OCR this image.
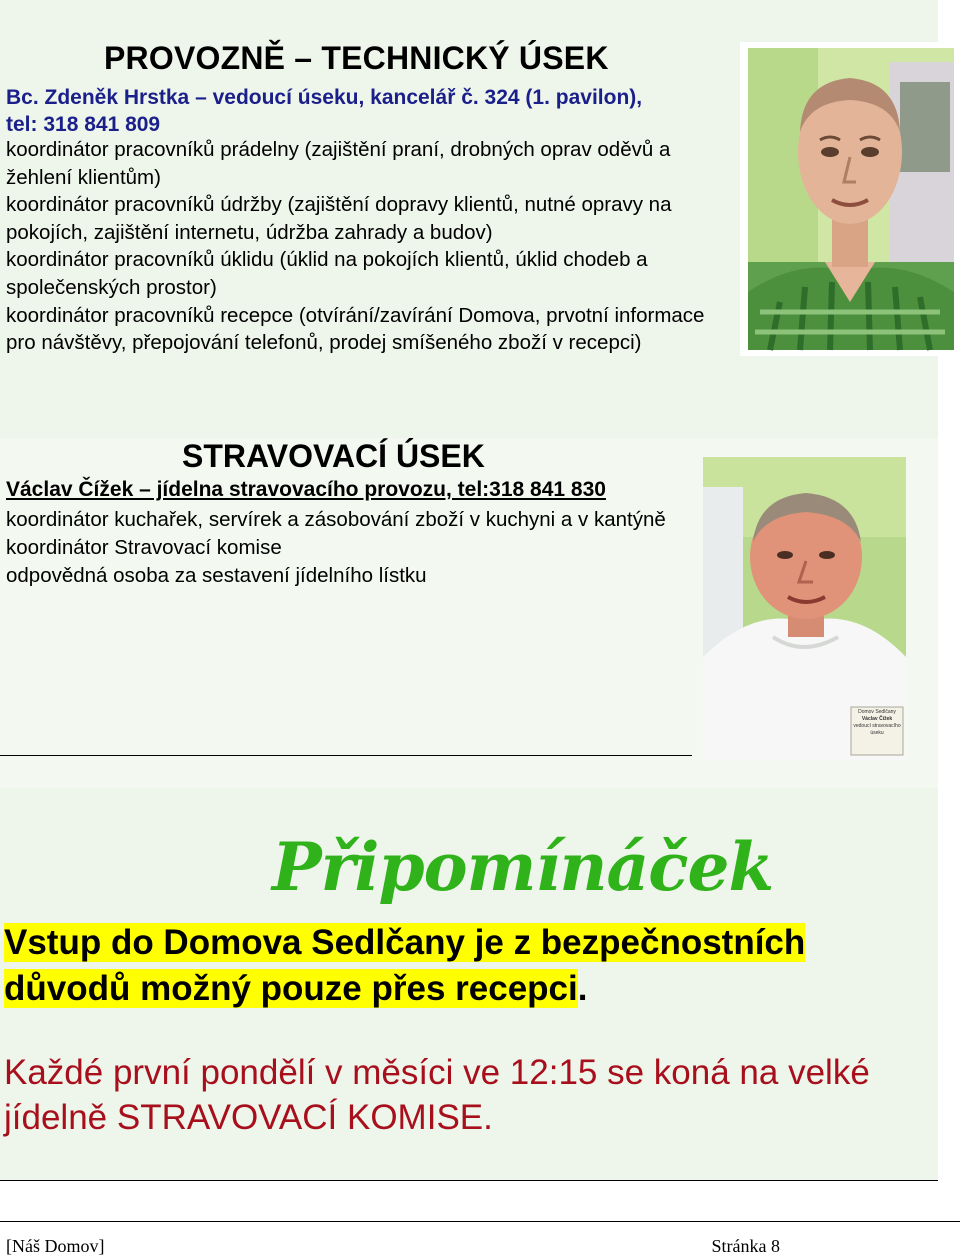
PROVOZNĚ – TECHNICKÝ ÚSEK
Bc. Zdeněk Hrstka – vedoucí úseku, kancelář č. 324 (1. pavilon),
tel: 318 841 809

koordinátor pracovníků prádelny (zajištění praní, drobných oprav oděvů a žehlení klientům)

koordinátor pracovníků údržby (zajištění dopravy klientů, nutné opravy na pokojích, zajištění internetu, údržba zahrady a budov)

koordinátor pracovníků úklidu (úklid na pokojích klientů, úklid chodeb a společenských prostor)

koordinátor pracovníků recepce (otvírání/zavírání Domova, prvotní informace pro návštěvy, přepojování telefonů, prodej smíšeného zboží v recepci)

STRAVOVACÍ ÚSEK
Václav Čížek – jídelna stravovacího provozu, tel:318 841 830

koordinátor kuchařek, servírek a zásobování zboží v kuchyni a v kantýně

koordinátor Stravovací komise

odpovědná osoba za sestavení jídelního lístku

Domov Sedlčany
Václav Čížek
vedoucí stravovacího
úseku
Připomínáček
Vstup do Domova Sedlčany je z bezpečnostních
důvodů možný pouze přes recepci.

Každé první pondělí v měsíci ve 12:15 se koná na velké jídelně STRAVOVACÍ KOMISE.

[Náš Domov]	Stránka 8
